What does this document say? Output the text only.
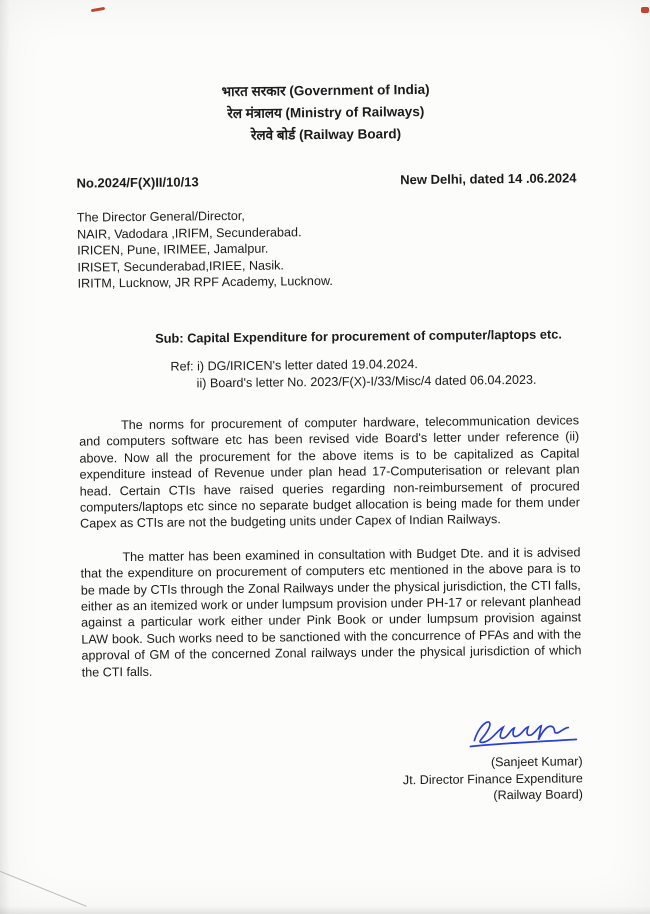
भारत सरकार (Government of India)
रेल मंत्रालय (Ministry of Railways)
रेलवे बोर्ड (Railway Board)
No.2024/F(X)II/10/13	New Delhi, dated 14 .06.2024
The Director General/Director,
NAIR, Vadodara ,IRIFM, Secunderabad.
IRICEN, Pune, IRIMEE, Jamalpur.
IRISET, Secunderabad,IRIEE, Nasik.
IRITM, Lucknow, JR RPF Academy, Lucknow.
Sub: Capital Expenditure for procurement of computer/laptops etc.
Ref: i) DG/IRICEN's letter dated 19.04.2024.
ii) Board's letter No. 2023/F(X)-I/33/Misc/4 dated 06.04.2023.

The norms for procurement of computer hardware, telecommunication devices and computers software etc has been revised vide Board's letter under reference (ii) above. Now all the procurement for the above items is to be capitalized as Capital expenditure instead of Revenue under plan head 17-Computerisation or relevant plan head. Certain CTIs have raised queries regarding non-reimbursement of procured computers/laptops etc since no separate budget allocation is being made for them under Capex as CTIs are not the budgeting units under Capex of Indian Railways.

The matter has been examined in consultation with Budget Dte. and it is advised that the expenditure on procurement of computers etc mentioned in the above para is to be made by CTIs through the Zonal Railways under the physical jurisdiction, the CTI falls, either as an itemized work or under lumpsum provision under PH-17 or relevant planhead against a particular work either under Pink Book or under lumpsum provision against LAW book. Such works need to be sanctioned with the concurrence of PFAs and with the approval of GM of the concerned Zonal railways under the physical jurisdiction of which the CTI falls.

(Sanjeet Kumar)
Jt. Director Finance Expenditure
(Railway Board)
